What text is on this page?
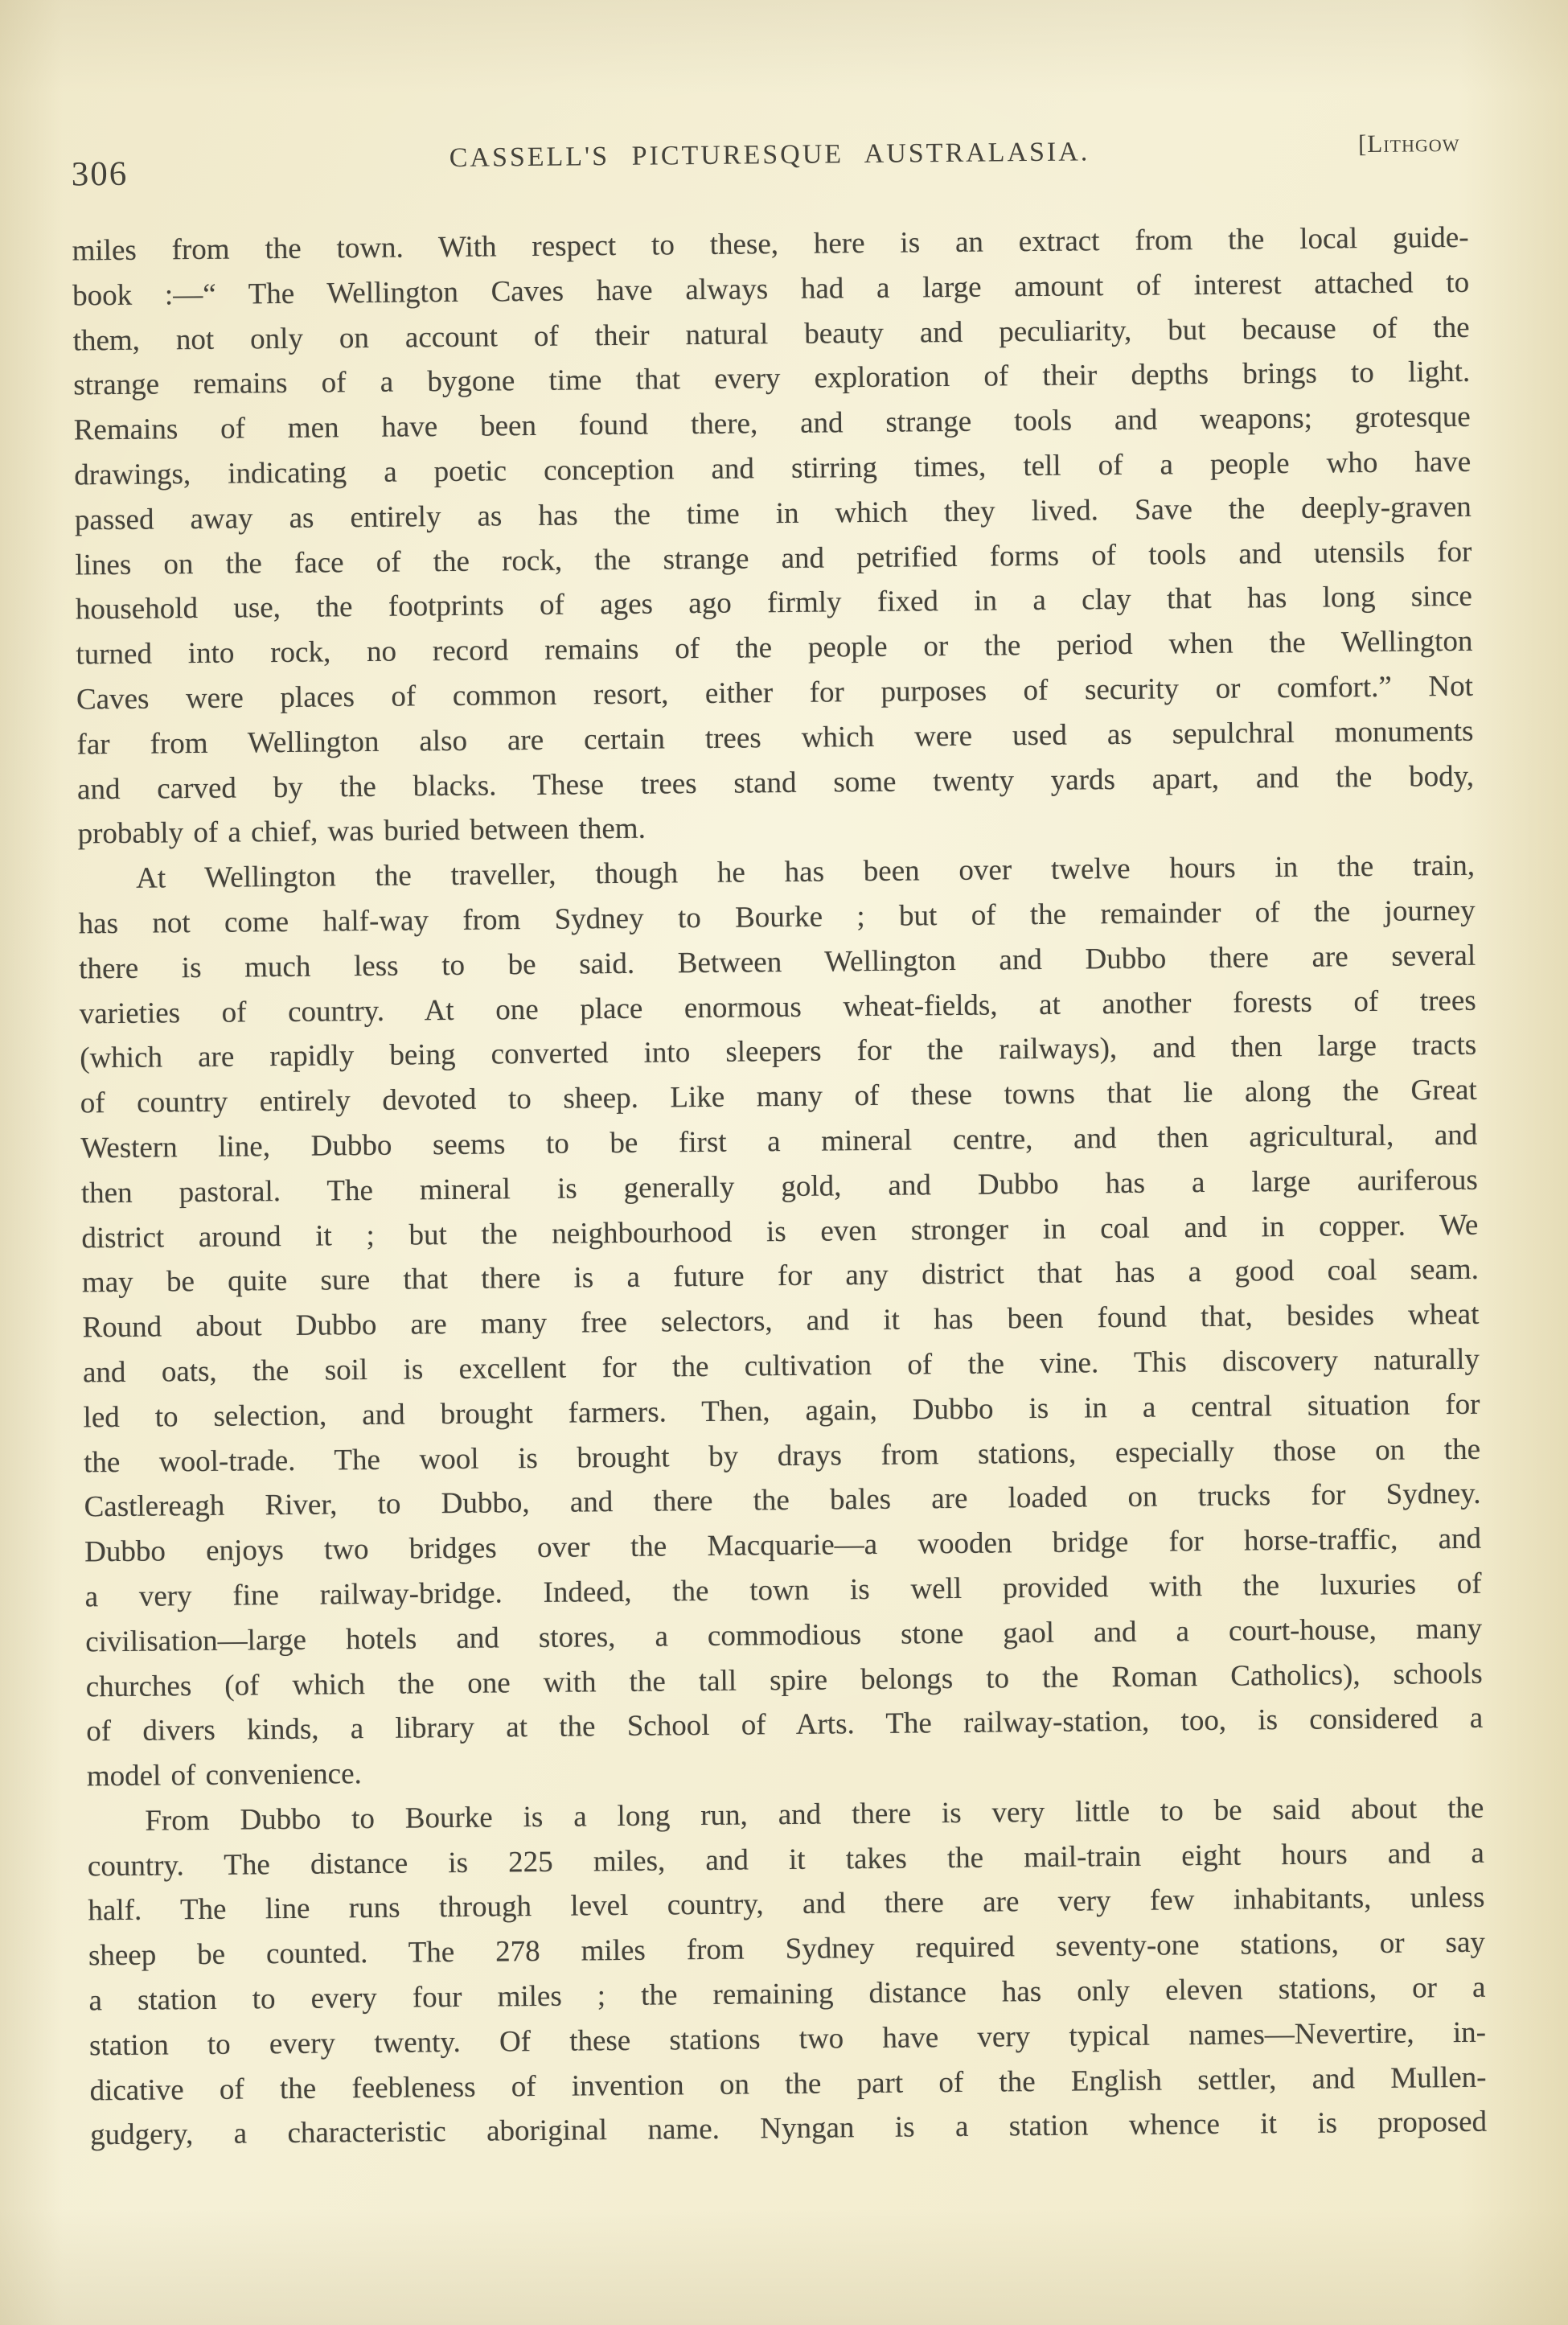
306
CASSELL'S PICTURESQUE AUSTRALASIA.	[Lithgow
miles from the town. With respect to these, here is an extract from the local guide-
book :—“ The Wellington Caves have always had a large amount of interest attached to
them, not only on account of their natural beauty and peculiarity, but because of the
strange remains of a bygone time that every exploration of their depths brings to light.
Remains of men have been found there, and strange tools and weapons; grotesque
drawings, indicating a poetic conception and stirring times, tell of a people who have
passed away as entirely as has the time in which they lived. Save the deeply-graven
lines on the face of the rock, the strange and petrified forms of tools and utensils for
household use, the footprints of ages ago firmly fixed in a clay that has long since
turned into rock, no record remains of the people or the period when the Wellington
Caves were places of common resort, either for purposes of security or comfort.” Not
far from Wellington also are certain trees which were used as sepulchral monuments
and carved by the blacks. These trees stand some twenty yards apart, and the body,
probably of a chief, was buried between them.
At Wellington the traveller, though he has been over twelve hours in the train,
has not come half-way from Sydney to Bourke ; but of the remainder of the journey
there is much less to be said. Between Wellington and Dubbo there are several
varieties of country. At one place enormous wheat-fields, at another forests of trees
(which are rapidly being converted into sleepers for the railways), and then large tracts
of country entirely devoted to sheep. Like many of these towns that lie along the Great
Western line, Dubbo seems to be first a mineral centre, and then agricultural, and
then pastoral. The mineral is generally gold, and Dubbo has a large auriferous
district around it ; but the neighbourhood is even stronger in coal and in copper. We
may be quite sure that there is a future for any district that has a good coal seam.
Round about Dubbo are many free selectors, and it has been found that, besides wheat
and oats, the soil is excellent for the cultivation of the vine. This discovery naturally
led to selection, and brought farmers. Then, again, Dubbo is in a central situation for
the wool-trade. The wool is brought by drays from stations, especially those on the
Castlereagh River, to Dubbo, and there the bales are loaded on trucks for Sydney.
Dubbo enjoys two bridges over the Macquarie—a wooden bridge for horse-traffic, and
a very fine railway-bridge. Indeed, the town is well provided with the luxuries of
civilisation—large hotels and stores, a commodious stone gaol and a court-house, many
churches (of which the one with the tall spire belongs to the Roman Catholics), schools
of divers kinds, a library at the School of Arts. The railway-station, too, is considered a
model of convenience.
From Dubbo to Bourke is a long run, and there is very little to be said about the
country. The distance is 225 miles, and it takes the mail-train eight hours and a
half. The line runs through level country, and there are very few inhabitants, unless
sheep be counted. The 278 miles from Sydney required seventy-one stations, or say
a station to every four miles ; the remaining distance has only eleven stations, or a
station to every twenty. Of these stations two have very typical names—Nevertire, in-
dicative of the feebleness of invention on the part of the English settler, and Mullen-
gudgery, a characteristic aboriginal name. Nyngan is a station whence it is proposed
